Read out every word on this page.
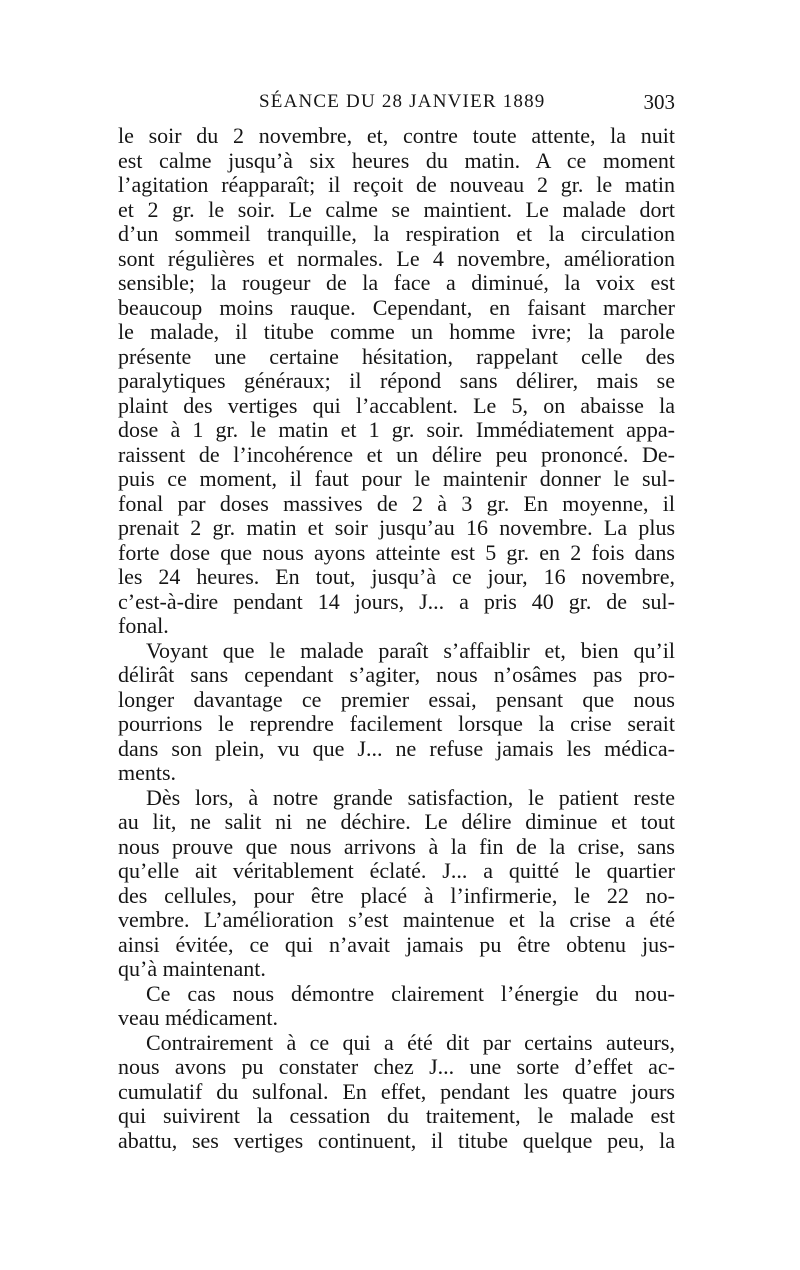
SÉANCE DU 28 JANVIER 1889	303
le soir du 2 novembre, et, contre toute attente, la nuit
est calme jusqu’à six heures du matin. A ce moment
l’agitation réapparaît; il reçoit de nouveau 2 gr. le matin
et 2 gr. le soir. Le calme se maintient. Le malade dort
d’un sommeil tranquille, la respiration et la circulation
sont régulières et normales. Le 4 novembre, amélioration
sensible; la rougeur de la face a diminué, la voix est
beaucoup moins rauque. Cependant, en faisant marcher
le malade, il titube comme un homme ivre; la parole
présente une certaine hésitation, rappelant celle des
paralytiques généraux; il répond sans délirer, mais se
plaint des vertiges qui l’accablent. Le 5, on abaisse la
dose à 1 gr. le matin et 1 gr. soir. Immédiatement appa-
raissent de l’incohérence et un délire peu prononcé. De-
puis ce moment, il faut pour le maintenir donner le sul-
fonal par doses massives de 2 à 3 gr. En moyenne, il
prenait 2 gr. matin et soir jusqu’au 16 novembre. La plus
forte dose que nous ayons atteinte est 5 gr. en 2 fois dans
les 24 heures. En tout, jusqu’à ce jour, 16 novembre,
c’est-à-dire pendant 14 jours, J... a pris 40 gr. de sul-
fonal.
Voyant que le malade paraît s’affaiblir et, bien qu’il
délirât sans cependant s’agiter, nous n’osâmes pas pro-
longer davantage ce premier essai, pensant que nous
pourrions le reprendre facilement lorsque la crise serait
dans son plein, vu que J... ne refuse jamais les médica-
ments.
Dès lors, à notre grande satisfaction, le patient reste
au lit, ne salit ni ne déchire. Le délire diminue et tout
nous prouve que nous arrivons à la fin de la crise, sans
qu’elle ait véritablement éclaté. J... a quitté le quartier
des cellules, pour être placé à l’infirmerie, le 22 no-
vembre. L’amélioration s’est maintenue et la crise a été
ainsi évitée, ce qui n’avait jamais pu être obtenu jus-
qu’à maintenant.
Ce cas nous démontre clairement l’énergie du nou-
veau médicament.
Contrairement à ce qui a été dit par certains auteurs,
nous avons pu constater chez J... une sorte d’effet ac-
cumulatif du sulfonal. En effet, pendant les quatre jours
qui suivirent la cessation du traitement, le malade est
abattu, ses vertiges continuent, il titube quelque peu, la
